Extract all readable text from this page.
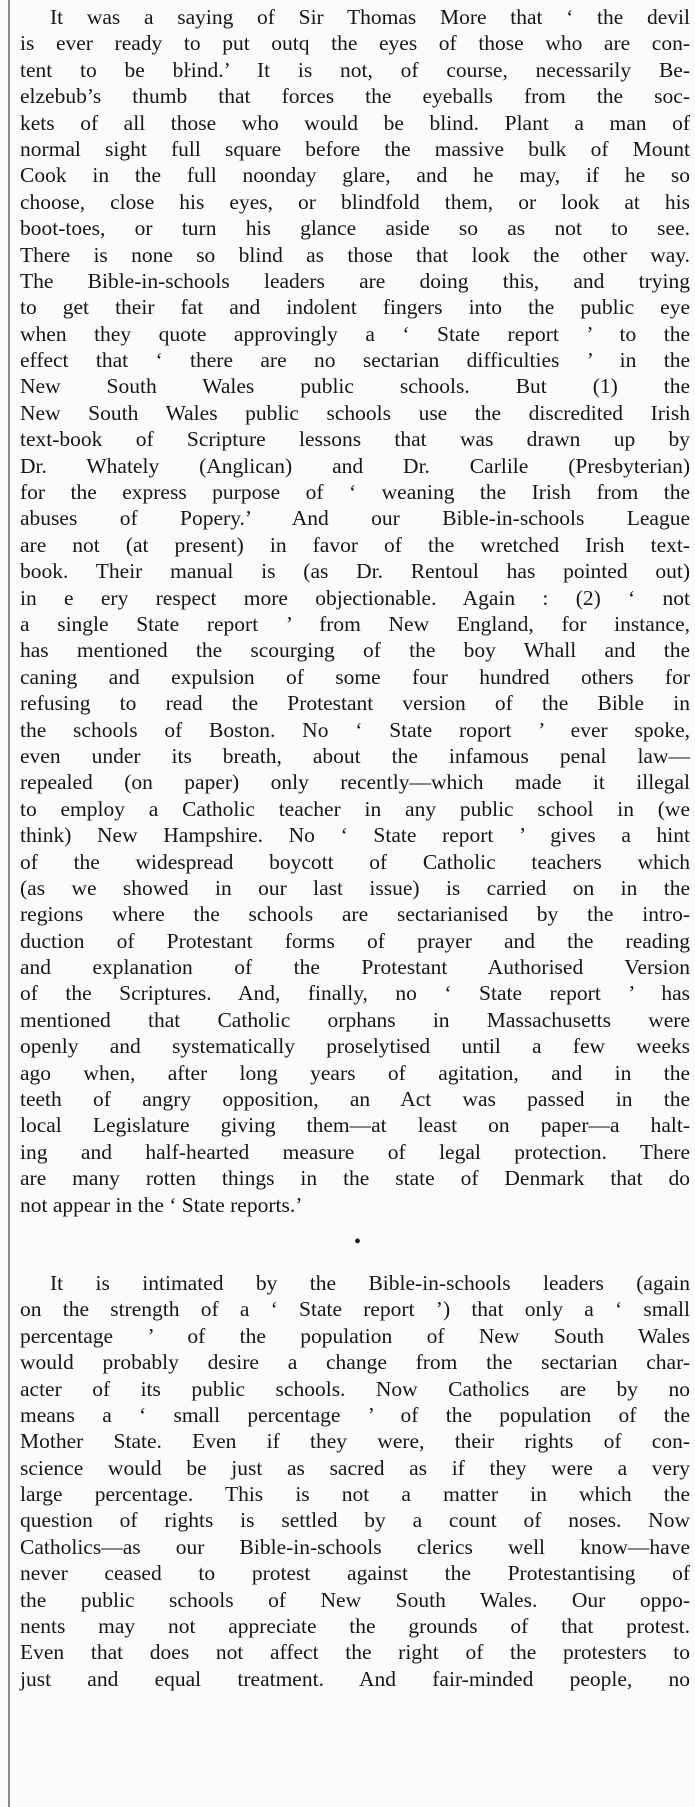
It was a saying of Sir Thomas More that ‘ the devil
is ever ready to put outq the eyes of those who are con-
tent to be bŀind.’ It is not, of course, necessarily Be-
elzebub’s thumb that forces the eyeballs from the soc-
kets of all those who would be blind. Plant a man of
normal sight full square before the massive bulk of Mount
Cook in the full noonday glare, and he may, if he so
choose, close his eyes, or blindfold them, or look at his
boot-toes, or turn his glance aside so as not to see.
There is none so blind as those that look the other way.
The Bible-in-schools leaders are doing this, and trying
to get their fat and indolent fingers into the public eye
when they quote approvingly a ‘ State report ’ to the
effect that ‘ there are no sectarian difficulties ’ in the
New South Wales public schools. But (1) the
New South Wales public schools use the discredited Irish
text-book of Scripture lessons that was drawn up by
Dr. Whately (Anglican) and Dr. Carlile (Presbyterian)
for the express purpose of ‘ weaning the Irish from the
abuses of Popery.’ And our Bible-in-schools League
are not (at present) in favor of the wretched Irish text-
book. Their manual is (as Dr. Rentoul has pointed out)
in e ery respect more objectionable. Again : (2) ‘ not
a single State report ’ from New England, for instance,
has mentioned the scourging of the boy Whall and the
caning and expulsion of some four hundred others for
refusing to read the Protestant version of the Bible in
the schools of Boston. No ‘ State roport ’ ever spoke,
even under its breath, about the infamous penal law—
repealed (on paper) only recently—which made it illegal
to employ a Catholic teacher in any public school in (we
think) New Hampshire. No ‘ State report ’ gives a hint
of the widespread boycott of Catholic teachers which
(as we showed in our last issue) is carried on in the
regions where the schools are sectarianised by the intro-
duction of Protestant forms of prayer and the reading
and explanation of the Protestant Authorised Version
of the Scriptures. And, finally, no ‘ State report ’ has
mentioned that Catholic orphans in Massachusetts were
openly and systematically proselytised until a few weeks
ago when, after long years of agitation, and in the
teeth of angry opposition, an Act was passed in the
local Legislature giving them—at least on paper—a halt-
ing and half-hearted measure of legal protection. There
are many rotten things in the state of Denmark that do
not appear in the ‘ State reports.’
•
It is intimated by the Bible-in-schools leaders (again
on the strength of a ‘ State report ’) that only a ‘ small
percentage ’ of the population of New South Wales
would probably desire a change from the sectarian char-
acter of its public schools. Now Catholics are by no
means a ‘ small percentage ’ of the population of the
Mother State. Even if they were, their rights of con-
science would be just as sacred as if they were a very
large percentage. This is not a matter in which the
question of rights is settled by a count of noses. Now
Catholics—as our Bible-in-schools clerics well know—have
never ceased to protest against the Protestantising of
the public schools of New South Wales. Our oppo-
nents may not appreciate the grounds of that protest.
Even that does not affect the right of the protesters to
just and equal treatment. And fair-minded people, no
